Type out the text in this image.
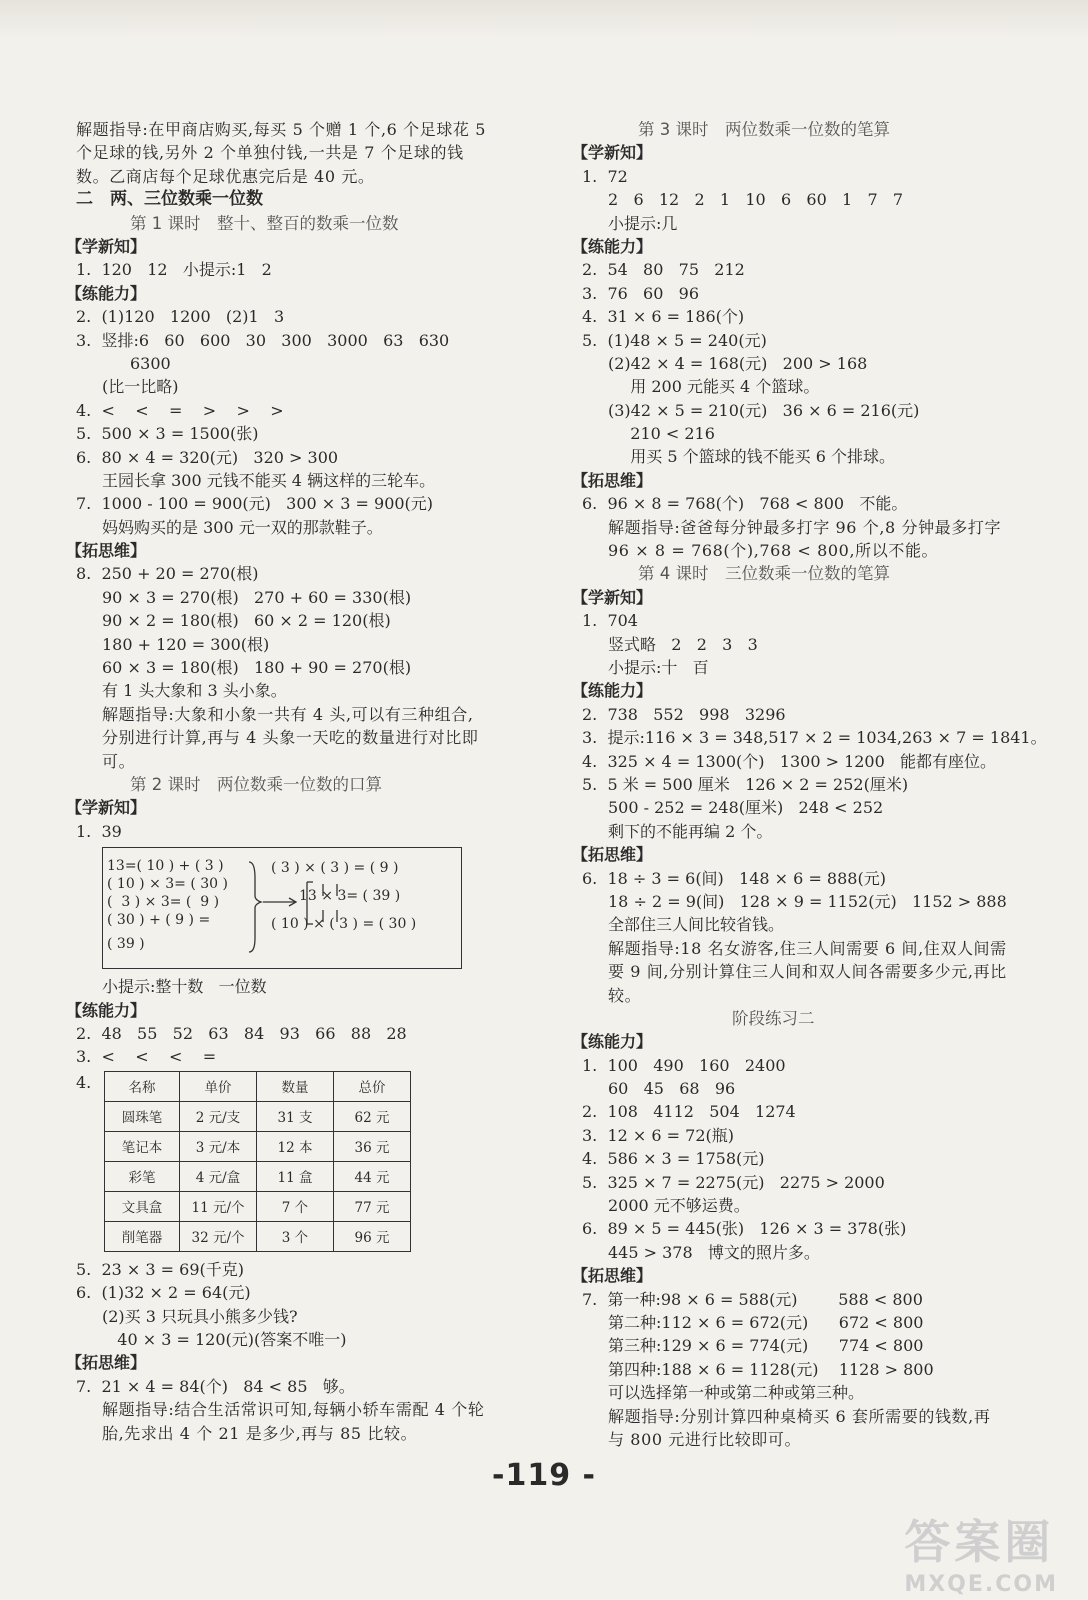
解题指导:在甲商店购买,每买 5 个赠 1 个,6 个足球花 5 个足球的钱,另外 2 个单独付钱,一共是 7 个足球的钱数。乙商店每个足球优惠完后是 40 元。
二　两、三位数乘一位数
第 1 课时　整十、整百的数乘一位数
【学新知】
1.  120   12   小提示:1   2
【练能力】
2.  (1)120   1200   (2)1   3
3.  竖排:6   60   600   30   300   3000   63   630
6300
(比一比略)
4.  <    <    =    >    >    >
5.  500 × 3 = 1500(张)
6.  80 × 4 = 320(元)   320 > 300
王园长拿 300 元钱不能买 4 辆这样的三轮车。
7.  1000 - 100 = 900(元)   300 × 3 = 900(元)
妈妈购买的是 300 元一双的那款鞋子。
【拓思维】
8.  250 + 20 = 270(根)
90 × 3 = 270(根)   270 + 60 = 330(根)
90 × 2 = 180(根)   60 × 2 = 120(根)
180 + 120 = 300(根)
60 × 3 = 180(根)   180 + 90 = 270(根)
有 1 头大象和 3 头小象。
解题指导:大象和小象一共有 4 头,可以有三种组合,分别进行计算,再与 4 头象一天吃的数量进行对比即可。
第 2 课时　两位数乘一位数的口算
【学新知】
1.  39
13=( 10 ) + ( 3 )
( 10 ) × 3= ( 30 )
(  3 ) × 3= (  9 )
( 30 ) + ( 9 ) =
( 39 )
( 3 ) × ( 3 ) = ( 9 )
13 × 3= ( 39 )
( 10 ) × ( 3 ) = ( 30 )
小提示:整十数   一位数
【练能力】
2.  48   55   52   63   84   93   66   88   28
3.  <    <    <    =
4.	名称	单价	数量	总价
圆珠笔	2 元/支	31 支	62 元
笔记本	3 元/本	12 本	36 元
彩笔	4 元/盒	11 盒	44 元
文具盒	11 元/个	7 个	77 元
削笔器	32 元/个	3 个	96 元
5.  23 × 3 = 69(千克)
6.  (1)32 × 2 = 64(元)
(2)买 3 只玩具小熊多少钱?
40 × 3 = 120(元)(答案不唯一)
【拓思维】
7.  21 × 4 = 84(个)   84 < 85   够。
解题指导:结合生活常识可知,每辆小轿车需配 4 个轮胎,先求出 4 个 21 是多少,再与 85 比较。
第 3 课时　两位数乘一位数的笔算
【学新知】
1.  72
2   6   12   2   1   10   6   60   1   7   7
小提示:几
【练能力】
2.  54   80   75   212
3.  76   60   96
4.  31 × 6 = 186(个)
5.  (1)48 × 5 = 240(元)
(2)42 × 4 = 168(元)   200 > 168
用 200 元能买 4 个篮球。
(3)42 × 5 = 210(元)   36 × 6 = 216(元)
210 < 216
用买 5 个篮球的钱不能买 6 个排球。
【拓思维】
6.  96 × 8 = 768(个)   768 < 800   不能。
解题指导:爸爸每分钟最多打字 96 个,8 分钟最多打字 96 × 8 = 768(个),768 < 800,所以不能。
第 4 课时　三位数乘一位数的笔算
【学新知】
1.  704
竖式略   2   2   3   3
小提示:十   百
【练能力】
2.  738   552   998   3296
3.  提示:116 × 3 = 348,517 × 2 = 1034,263 × 7 = 1841。
4.  325 × 4 = 1300(个)   1300 > 1200   能都有座位。
5.  5 米 = 500 厘米   126 × 2 = 252(厘米)
500 - 252 = 248(厘米)   248 < 252
剩下的不能再编 2 个。
【拓思维】
6.  18 ÷ 3 = 6(间)   148 × 6 = 888(元)
18 ÷ 2 = 9(间)   128 × 9 = 1152(元)   1152 > 888
全部住三人间比较省钱。
解题指导:18 名女游客,住三人间需要 6 间,住双人间需要 9 间,分别计算住三人间和双人间各需要多少元,再比较。
阶段练习二
【练能力】
1.  100   490   160   2400
60   45   68   96
2.  108   4112   504   1274
3.  12 × 6 = 72(瓶)
4.  586 × 3 = 1758(元)
5.  325 × 7 = 2275(元)   2275 > 2000
2000 元不够运费。
6.  89 × 5 = 445(张)   126 × 3 = 378(张)
445 > 378   博文的照片多。
【拓思维】
7.  第一种:98 × 6 = 588(元)        588 < 800
第二种:112 × 6 = 672(元)      672 < 800
第三种:129 × 6 = 774(元)      774 < 800
第四种:188 × 6 = 1128(元)    1128 > 800
可以选择第一种或第二种或第三种。
解题指导:分别计算四种桌椅买 6 套所需要的钱数,再与 800 元进行比较即可。
-119 -
答案圈
MXQE.COM
